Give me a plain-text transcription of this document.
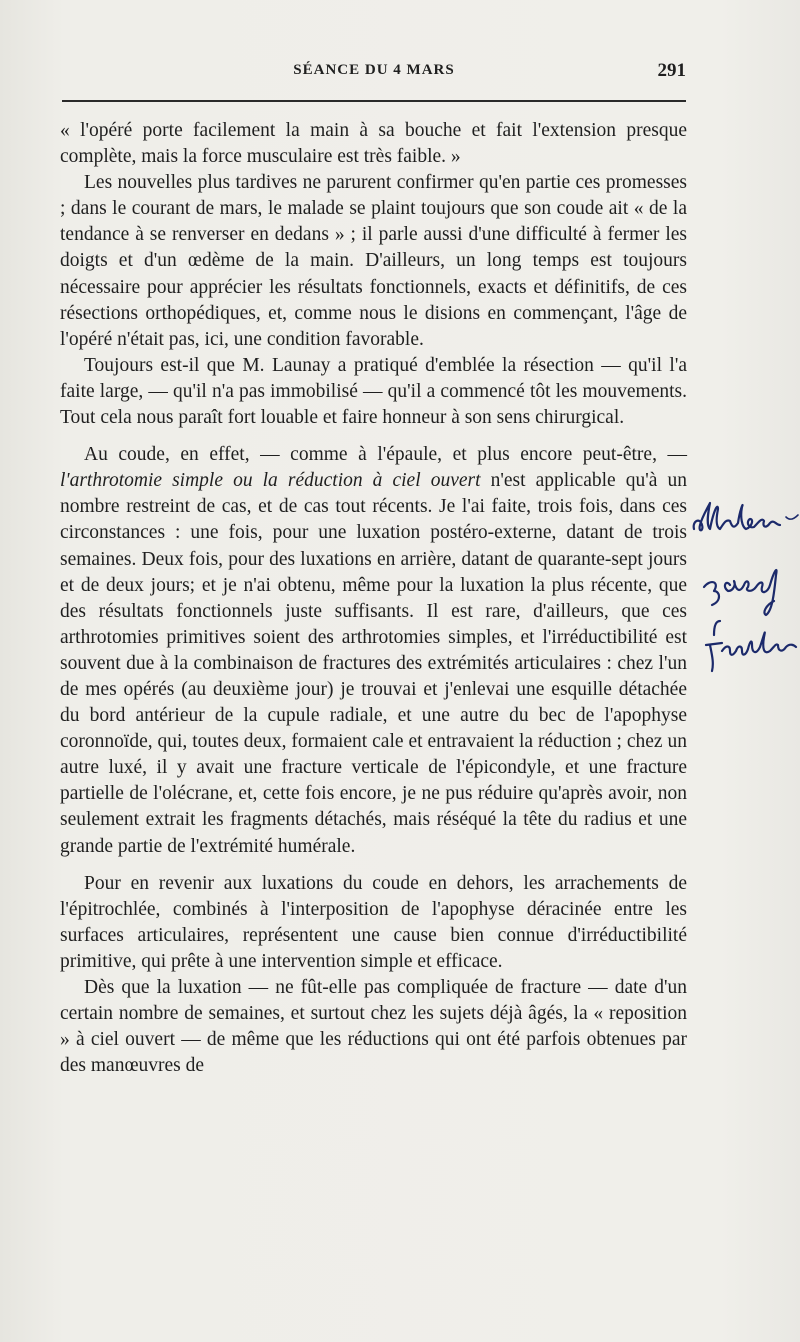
SÉANCE DU 4 MARS	291

« l'opéré porte facilement la main à sa bouche et fait l'extension presque complète, mais la force musculaire est très faible. »

Les nouvelles plus tardives ne parurent confirmer qu'en partie ces promesses ; dans le courant de mars, le malade se plaint toujours que son coude ait « de la tendance à se renverser en dedans » ; il parle aussi d'une difficulté à fermer les doigts et d'un œdème de la main. D'ailleurs, un long temps est toujours nécessaire pour apprécier les résultats fonctionnels, exacts et définitifs, de ces résections orthopédiques, et, comme nous le disions en commençant, l'âge de l'opéré n'était pas, ici, une condition favorable.

Toujours est-il que M. Launay a pratiqué d'emblée la résection — qu'il l'a faite large, — qu'il n'a pas immobilisé — qu'il a commencé tôt les mouvements. Tout cela nous paraît fort louable et faire honneur à son sens chirurgical.

Au coude, en effet, — comme à l'épaule, et plus encore peut-être, — l'arthrotomie simple ou la réduction à ciel ouvert n'est applicable qu'à un nombre restreint de cas, et de cas tout récents. Je l'ai faite, trois fois, dans ces circonstances : une fois, pour une luxation postéro-externe, datant de trois semaines. Deux fois, pour des luxations en arrière, datant de quarante-sept jours et de deux jours; et je n'ai obtenu, même pour la luxation la plus récente, que des résultats fonctionnels juste suffisants. Il est rare, d'ailleurs, que ces arthrotomies primitives soient des arthrotomies simples, et l'irréductibilité est souvent due à la combinaison de fractures des extrémités articulaires : chez l'un de mes opérés (au deuxième jour) je trouvai et j'enlevai une esquille détachée du bord antérieur de la cupule radiale, et une autre du bec de l'apophyse coronnoïde, qui, toutes deux, formaient cale et entravaient la réduction ; chez un autre luxé, il y avait une fracture verticale de l'épicondyle, et une fracture partielle de l'olécrane, et, cette fois encore, je ne pus réduire qu'après avoir, non seulement extrait les fragments détachés, mais réséqué la tête du radius et une grande partie de l'extrémité humérale.

Pour en revenir aux luxations du coude en dehors, les arrachements de l'épitrochlée, combinés à l'interposition de l'apophyse déracinée entre les surfaces articulaires, représentent une cause bien connue d'irréductibilité primitive, qui prête à une intervention simple et efficace.

Dès que la luxation — ne fût-elle pas compliquée de fracture — date d'un certain nombre de semaines, et surtout chez les sujets déjà âgés, la « reposition » à ciel ouvert — de même que les réductions qui ont été parfois obtenues par des manœuvres de
